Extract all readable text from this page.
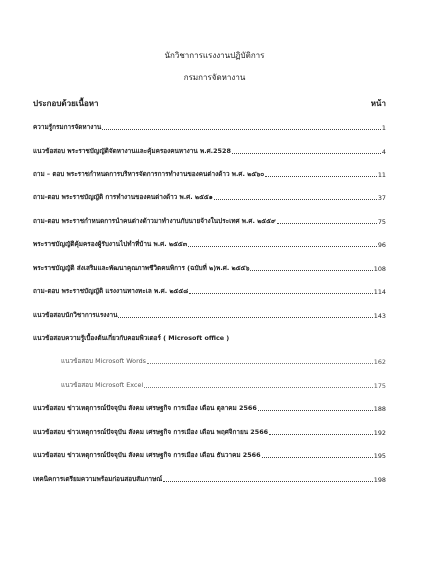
นักวิชาการแรงงานปฏิบัติการ
กรมการจัดหางาน
ประกอบด้วยเนื้อหา	หน้า
ความรู้กรมการจัดหางาน	1
แนวข้อสอบ พระราชบัญญัติจัดหางานและคุ้มครองคนหางาน พ.ศ.2528	4
ถาม – ตอบ พระราชกำหนดการบริหารจัดการการทำงานของคนต่างด้าว พ.ศ. ๒๕๖๐	11
ถาม-ตอบ พระราชบัญญัติ การทำงานของคนต่างด้าว พ.ศ. ๒๕๕๑	37
ถาม-ตอบ พระราชกำหนดการนำคนต่างด้าวมาทำงานกับนายจ้างในประเทศ พ.ศ. ๒๕๕๙	75
พระราชบัญญัติคุ้มครองผู้รับงานไปทำที่บ้าน พ.ศ. ๒๕๕๓	96
พระราชบัญญัติ ส่งเสริมและพัฒนาคุณภาพชีวิตคนพิการ (ฉบับที่ ๒)พ.ศ. ๒๕๕๖	108
ถาม-ตอบ พระราชบัญญัติ แรงงานทางทะเล พ.ศ. ๒๕๕๘	114
แนวข้อสอบนักวิชาการแรงงาน	143
แนวข้อสอบความรู้เบื้องต้นเกี่ยวกับคอมพิวเตอร์ ( Microsoft office )
แนวข้อสอบ Microsoft Words	162
แนวข้อสอบ Microsoft Excel	175
แนวข้อสอบ ข่าวเหตุการณ์ปัจจุบัน สังคม เศรษฐกิจ การเมือง เดือน ตุลาคม 2566	188
แนวข้อสอบ ข่าวเหตุการณ์ปัจจุบัน สังคม เศรษฐกิจ การเมือง เดือน พฤศจิกายน 2566	192
แนวข้อสอบ ข่าวเหตุการณ์ปัจจุบัน สังคม เศรษฐกิจ การเมือง เดือน ธันวาคม 2566	195
เทคนิคการเตรียมความพร้อมก่อนสอบสัมภาษณ์	198
